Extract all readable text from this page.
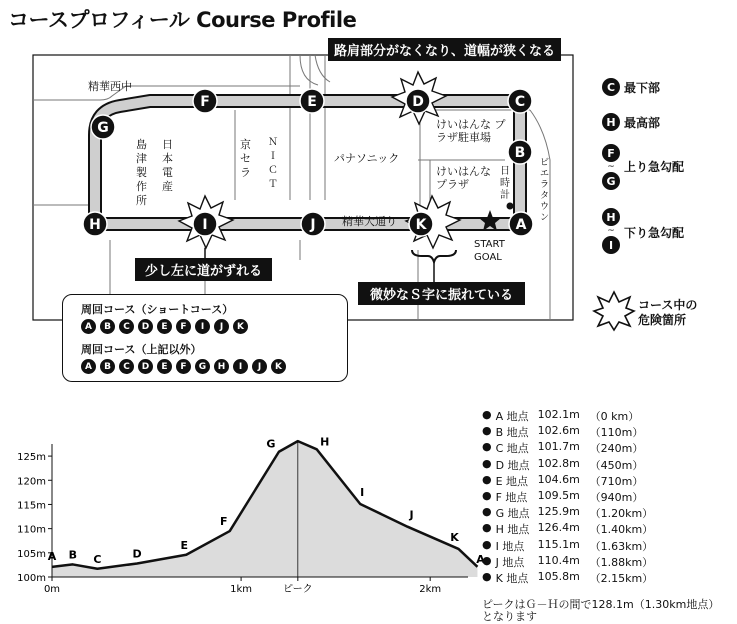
コースプロフィール Course Profile
A
B
C
D
E
F
G
H	I	J	K
精華西中
島津製作所
日本電産
京セラ
ＮＩＣＴ
パナソニック
けいはんな プラザ駐車場
けいはんな プラザ
日時計
ビエラタウン
精華大通り
START GOAL
路肩部分がなくなり、道幅が狭くなる
少し左に道がずれる
微妙なＳ字に振れている
周回コース（ショートコース）
A	B	C	D	E	F	I	J	K
周回コース（上記以外）
A	B	C	D	E	F	G	H	I	J	K
C 最下部
H 最高部
F
~
G
上り急勾配
H
~
I
下り急勾配
コース中の 危険箇所
100m
105m
110m
115m
120m
125m
0m	1km	ピーク	2km
A B C	D
E
F
G	H
I
J
K
A
● A 地点 102.1m （0 km）
● B 地点 102.6m （110m）
● C 地点 101.7m （240m）
● D 地点 102.8m （450m）
● E 地点 104.6m （710m）
● F 地点 109.5m （940m）
● G 地点 125.9m （1.20km）
● H 地点 126.4m （1.40km）
● I 地点	115.1m （1.63km）
● J 地点	110.4m （1.88km）
● K 地点 105.8m （2.15km）
ピークはＧ－Ｈの間で128.1m（1.30km地点）
となります
